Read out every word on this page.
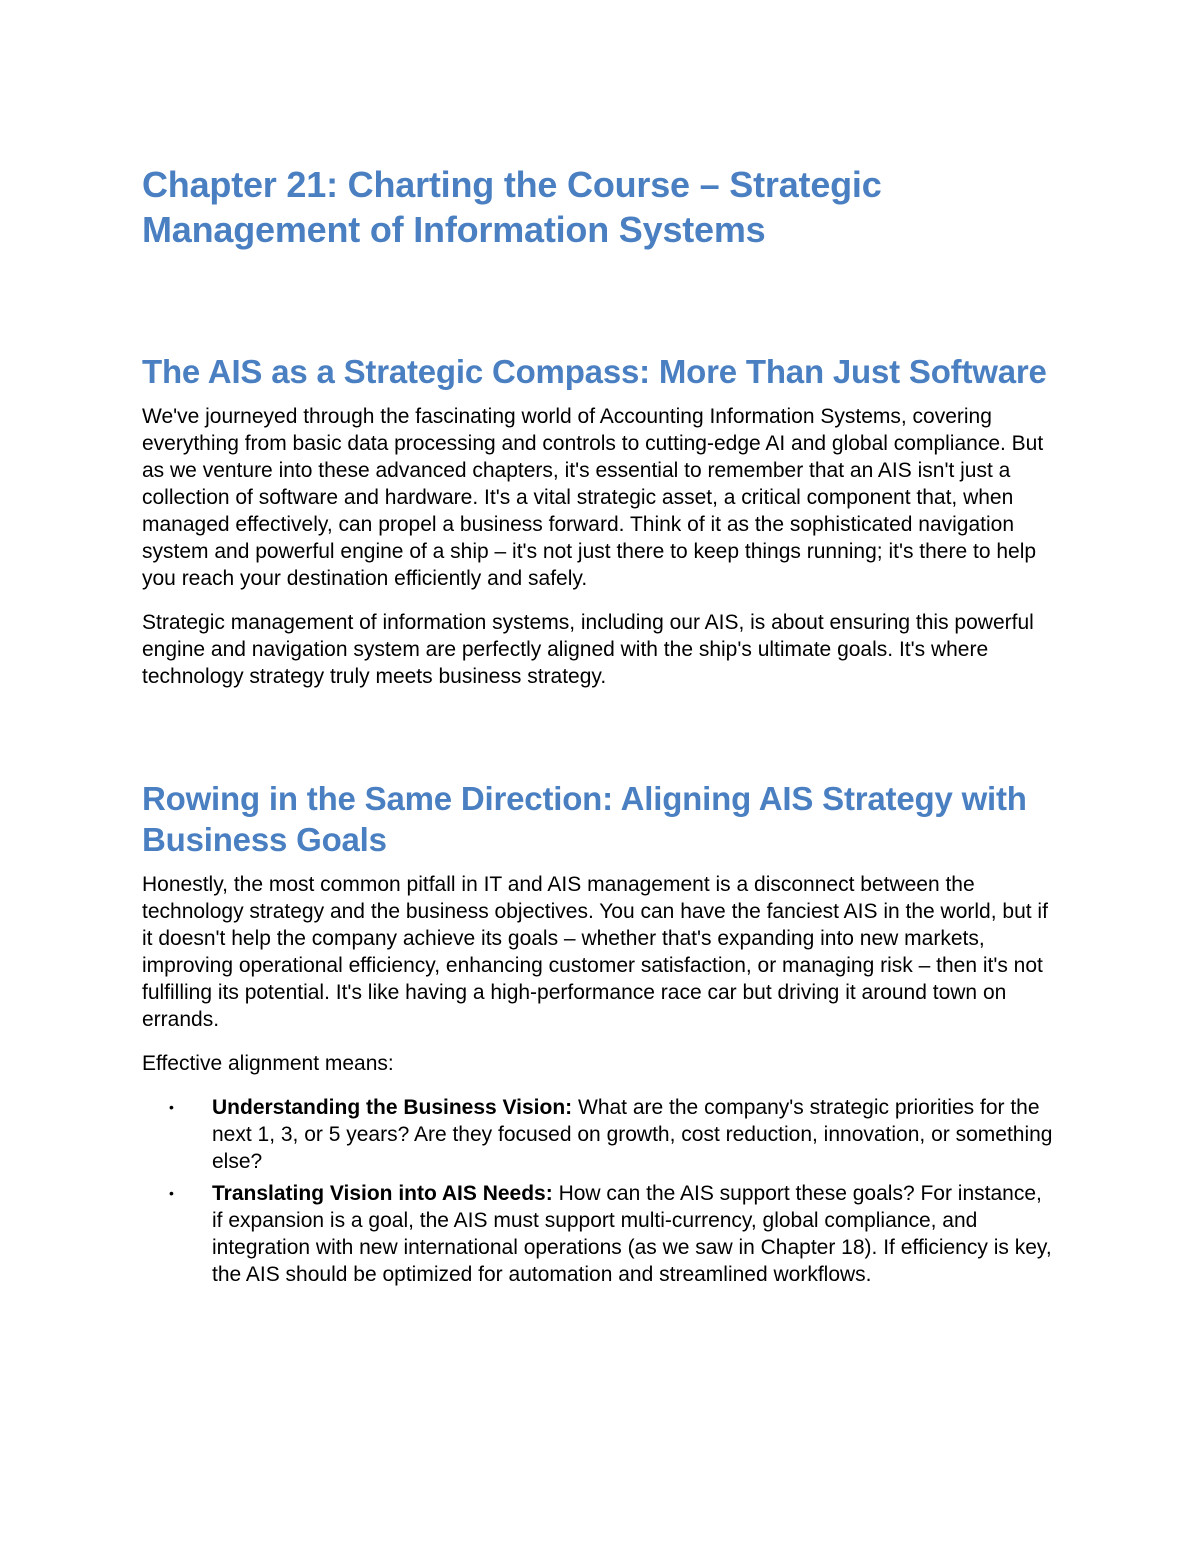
Chapter 21: Charting the Course – Strategic Management of Information Systems
The AIS as a Strategic Compass: More Than Just Software

We've journeyed through the fascinating world of Accounting Information Systems, covering everything from basic data processing and controls to cutting-edge AI and global compliance. But as we venture into these advanced chapters, it's essential to remember that an AIS isn't just a collection of software and hardware. It's a vital strategic asset, a critical component that, when managed effectively, can propel a business forward. Think of it as the sophisticated navigation system and powerful engine of a ship – it's not just there to keep things running; it's there to help you reach your destination efficiently and safely.

Strategic management of information systems, including our AIS, is about ensuring this powerful engine and navigation system are perfectly aligned with the ship's ultimate goals. It's where technology strategy truly meets business strategy.

Rowing in the Same Direction: Aligning AIS Strategy with Business Goals

Honestly, the most common pitfall in IT and AIS management is a disconnect between the technology strategy and the business objectives. You can have the fanciest AIS in the world, but if it doesn't help the company achieve its goals – whether that's expanding into new markets, improving operational efficiency, enhancing customer satisfaction, or managing risk – then it's not fulfilling its potential. It's like having a high-performance race car but driving it around town on errands.

Effective alignment means:

• Understanding the Business Vision: What are the company's strategic priorities for the next 1, 3, or 5 years? Are they focused on growth, cost reduction, innovation, or something else?
• Translating Vision into AIS Needs: How can the AIS support these goals? For instance, if expansion is a goal, the AIS must support multi-currency, global compliance, and integration with new international operations (as we saw in Chapter 18). If efficiency is key, the AIS should be optimized for automation and streamlined workflows.
